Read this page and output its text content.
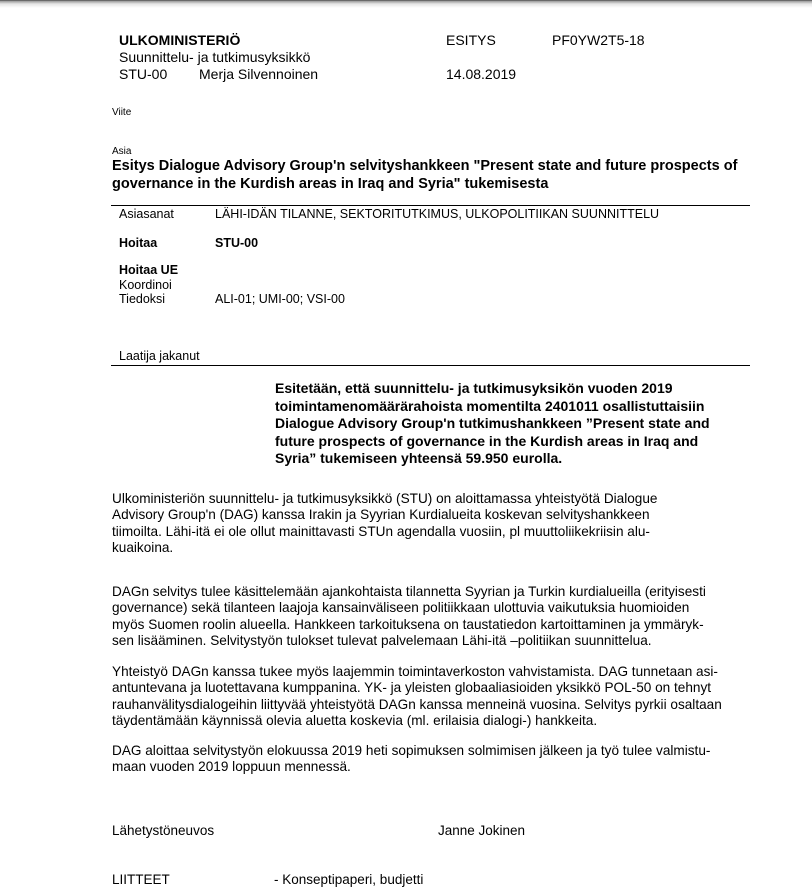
ULKOMINISTERIÖ
Suunnittelu- ja tutkimusyksikkö
STU-00 Merja Silvennoinen
ESITYS	PF0YW2T5-18
14.08.2019
Viite
Asia
Esitys Dialogue Advisory Group'n selvityshankkeen "Present state and future prospects of governance in the Kurdish areas in Iraq and Syria" tukemisesta
Asiasanat	LÄHI-IDÄN TILANNE, SEKTORITUTKIMUS, ULKOPOLITIIKAN SUUNNITTELU
Hoitaa	STU-00
Hoitaa UE
Koordinoi
Tiedoksi	ALI-01; UMI-00; VSI-00
Laatija jakanut
Esitetään, että suunnittelu- ja tutkimusyksikön vuoden 2019
toimintamenomäärärahoista momentilta 2401011 osallistuttaisiin
Dialogue Advisory Group'n tutkimushankkeen ”Present state and
future prospects of governance in the Kurdish areas in Iraq and
Syria” tukemiseen yhteensä 59.950 eurolla.
Ulkoministeriön suunnittelu- ja tutkimusyksikkö (STU) on aloittamassa yhteistyötä Dialogue
Advisory Group'n (DAG) kanssa Irakin ja Syyrian Kurdialueita koskevan selvityshankkeen
tiimoilta. Lähi-itä ei ole ollut mainittavasti STUn agendalla vuosiin, pl muuttoliikekriisin alu-
kuaikoina.
DAGn selvitys tulee käsittelemään ajankohtaista tilannetta Syyrian ja Turkin kurdialueilla (erityisesti
governance) sekä tilanteen laajoja kansainväliseen politiikkaan ulottuvia vaikutuksia huomioiden
myös Suomen roolin alueella. Hankkeen tarkoituksena on taustatiedon kartoittaminen ja ymmäryk-
sen lisääminen. Selvitystyön tulokset tulevat palvelemaan Lähi-itä –politiikan suunnittelua.
Yhteistyö DAGn kanssa tukee myös laajemmin toimintaverkoston vahvistamista. DAG tunnetaan asi-
antuntevana ja luotettavana kumppanina. YK- ja yleisten globaaliasioiden yksikkö POL-50 on tehnyt
rauhanvälitysdialogeihin liittyvää yhteistyötä DAGn kanssa menneinä vuosina. Selvitys pyrkii osaltaan
täydentämään käynnissä olevia aluetta koskevia (ml. erilaisia dialogi-) hankkeita.
DAG aloittaa selvitystyön elokuussa 2019 heti sopimuksen solmimisen jälkeen ja työ tulee valmistu-
maan vuoden 2019 loppuun mennessä.
Lähetystöneuvos	Janne Jokinen
LIITTEET	- Konseptipaperi, budjetti
